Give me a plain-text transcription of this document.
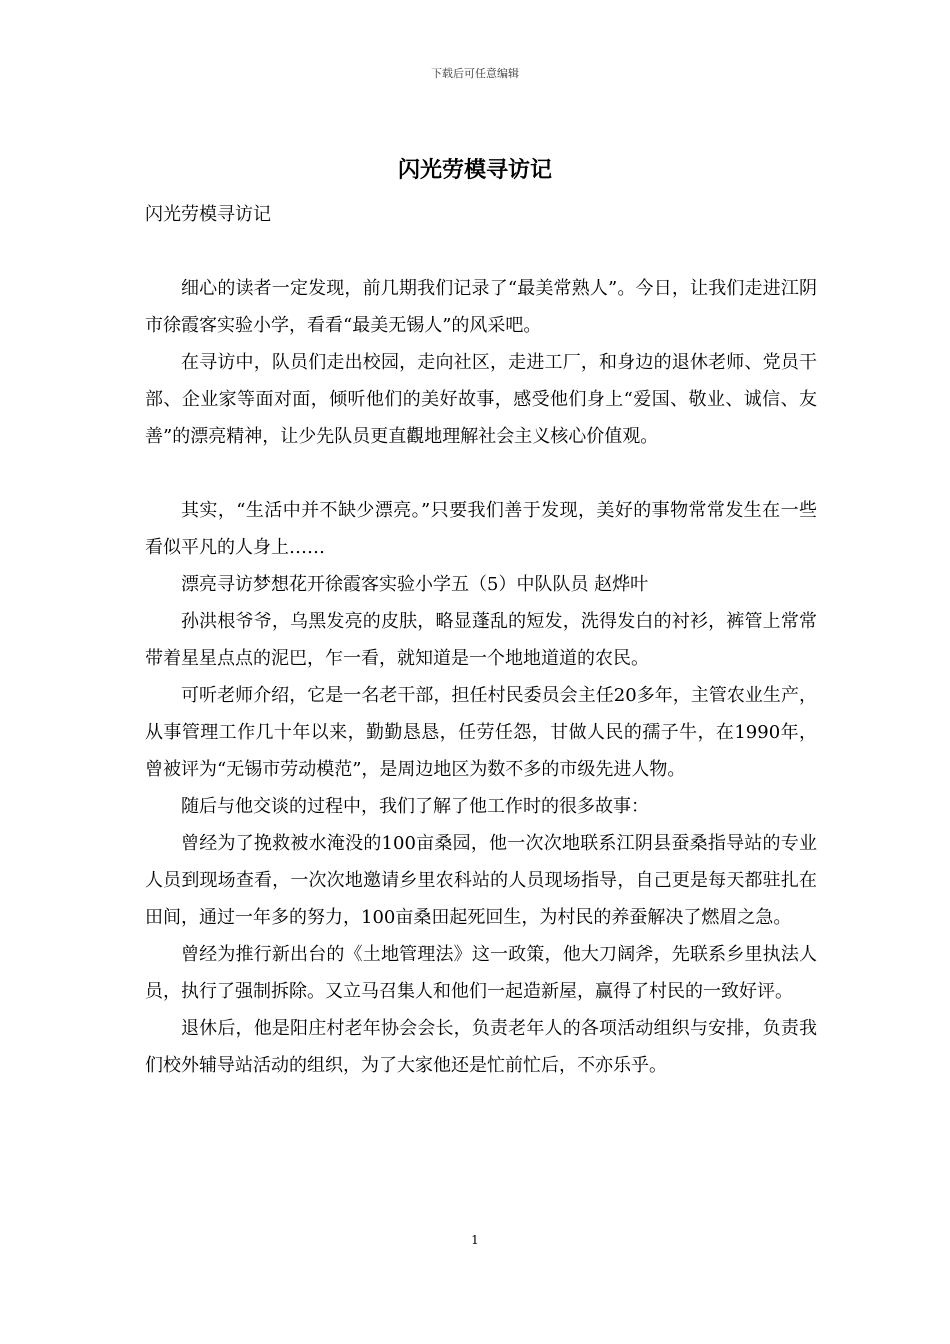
下载后可任意编辑
闪光劳模寻访记

闪光劳模寻访记

细心的读者一定发现，前几期我们记录了“最美常熟人”。今日，让我们走进江阴市徐霞客实验小学，看看“最美无锡人”的风采吧。

在寻访中，队员们走出校园，走向社区，走进工厂，和身边的退休老师、党员干部、企业家等面对面，倾听他们的美好故事，感受他们身上“爱国、敬业、诚信、友善”的漂亮精神，让少先队员更直觀地理解社会主义核心价值观。

其实，“生活中并不缺少漂亮。”只要我们善于发现，美好的事物常常发生在一些看似平凡的人身上……

漂亮寻访梦想花开徐霞客实验小学五（5）中队队员 赵烨叶

孙洪根爷爷，乌黑发亮的皮肤，略显蓬乱的短发，洗得发白的衬衫，裤管上常常带着星星点点的泥巴，乍一看，就知道是一个地地道道的农民。

可听老师介绍，它是一名老干部，担任村民委员会主任20多年，主管农业生产，从事管理工作几十年以来，勤勤恳恳，任劳任怨，甘做人民的孺子牛，在1990年，曾被评为“无锡市劳动模范”，是周边地区为数不多的市级先进人物。

随后与他交谈的过程中，我们了解了他工作时的很多故事：

曾经为了挽救被水淹没的100亩桑园，他一次次地联系江阴县蚕桑指导站的专业人员到现场查看，一次次地邀请乡里农科站的人员现场指导，自己更是每天都驻扎在田间，通过一年多的努力，100亩桑田起死回生，为村民的养蚕解决了燃眉之急。

曾经为推行新出台的《土地管理法》这一政策，他大刀阔斧，先联系乡里执法人员，执行了强制拆除。又立马召集人和他们一起造新屋，赢得了村民的一致好评。

退休后，他是阳庄村老年协会会长，负责老年人的各项活动组织与安排，负责我们校外辅导站活动的组织，为了大家他还是忙前忙后，不亦乐乎。

1
